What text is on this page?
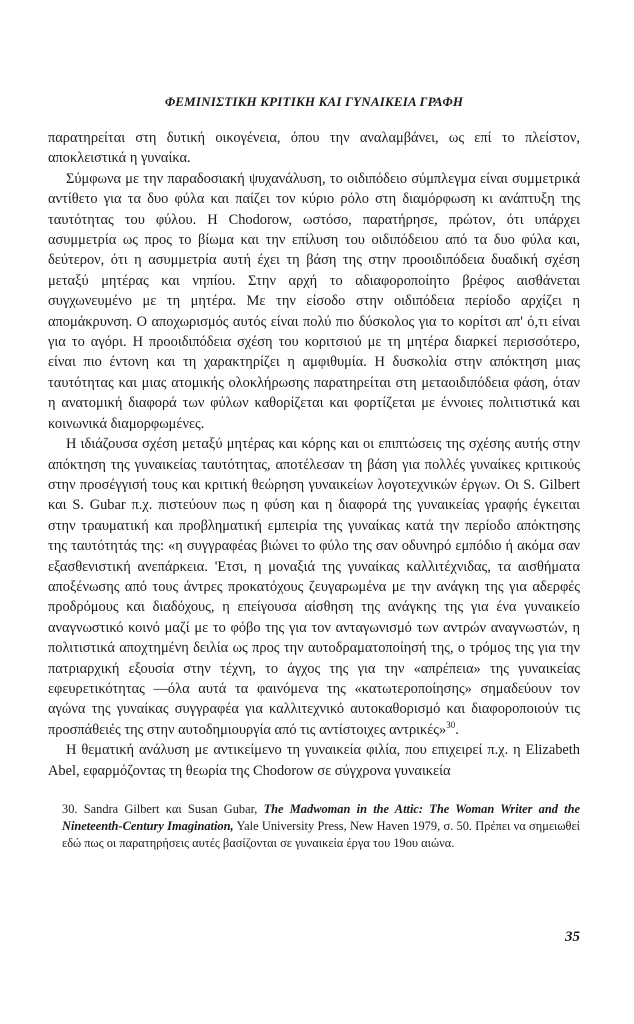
ΦΕΜΙΝΙΣΤΙΚΗ ΚΡΙΤΙΚΗ ΚΑΙ ΓΥΝΑΙΚΕΙΑ ΓΡΑΦΗ

παρατηρείται στη δυτική οικογένεια, όπου την αναλαμβάνει, ως επί το πλείστον, αποκλειστικά η γυναίκα.

Σύμφωνα με την παραδοσιακή ψυχανάλυση, το οιδιπόδειο σύμπλεγμα είναι συμμετρικά αντίθετο για τα δυο φύλα και παίζει τον κύριο ρόλο στη διαμόρφωση κι ανάπτυξη της ταυτότητας του φύλου. Η Chodorow, ωστόσο, παρατήρησε, πρώτον, ότι υπάρχει ασυμμετρία ως προς το βίωμα και την επίλυση του οιδιπόδειου από τα δυο φύλα και, δεύτερον, ότι η ασυμμετρία αυτή έχει τη βάση της στην προοιδιπόδεια δυαδική σχέση μεταξύ μητέρας και νηπίου. Στην αρχή το αδιαφοροποίητο βρέφος αισθάνεται συγχωνευμένο με τη μητέρα. Με την είσοδο στην οιδιπόδεια περίοδο αρχίζει η απομάκρυνση. Ο αποχωρισμός αυτός είναι πολύ πιο δύσκολος για το κορίτσι απ' ό,τι είναι για το αγόρι. Η προοιδιπόδεια σχέση του κοριτσιού με τη μητέρα διαρκεί περισσότερο, είναι πιο έντονη και τη χαρακτηρίζει η αμφιθυμία. Η δυσκολία στην απόκτηση μιας ταυτότητας και μιας ατομικής ολοκλήρωσης παρατηρείται στη μεταοιδιπόδεια φάση, όταν η ανατομική διαφορά των φύλων καθορίζεται και φορτίζεται με έννοιες πολιτιστικά και κοινωνικά διαμορφωμένες.

Η ιδιάζουσα σχέση μεταξύ μητέρας και κόρης και οι επιπτώσεις της σχέσης αυτής στην απόκτηση της γυναικείας ταυτότητας, αποτέλεσαν τη βάση για πολλές γυναίκες κριτικούς στην προσέγγισή τους και κριτική θεώρηση γυναικείων λογοτεχνικών έργων. Οι S. Gilbert και S. Gubar π.χ. πιστεύουν πως η φύση και η διαφορά της γυναικείας γραφής έγκειται στην τραυματική και προβληματική εμπειρία της γυναίκας κατά την περίοδο απόκτησης της ταυτότητάς της: «η συγγραφέας βιώνει το φύλο της σαν οδυνηρό εμπόδιο ή ακόμα σαν εξασθενιστική ανεπάρκεια. 'Ετσι, η μοναξιά της γυναίκας καλλιτέχνιδας, τα αισθήματα αποξένωσης από τους άντρες προκατόχους ζευγαρωμένα με την ανάγκη της για αδερφές προδρόμους και διαδόχους, η επείγουσα αίσθηση της ανάγκης της για ένα γυναικείο αναγνωστικό κοινό μαζί με το φόβο της για τον ανταγωνισμό των αντρών αναγνωστών, η πολιτιστικά αποχτημένη δειλία ως προς την αυτοδραματοποίησή της, ο τρόμος της για την πατριαρχική εξουσία στην τέχνη, το άγχος της για την «απρέπεια» της γυναικείας εφευρετικότητας —όλα αυτά τα φαινόμενα της «κατωτεροποίησης» σημαδεύουν τον αγώνα της γυναίκας συγγραφέα για καλλιτεχνικό αυτοκαθορισμό και διαφοροποιούν τις προσπάθειές της στην αυτοδημιουργία από τις αντίστοιχες αντρικές»$^{30}$.

Η θεματική ανάλυση με αντικείμενο τη γυναικεία φιλία, που επιχειρεί π.χ. η Elizabeth Abel, εφαρμόζοντας τη θεωρία της Chodorow σε σύγχρονα γυναικεία

30. Sandra Gilbert και Susan Gubar, The Madwoman in the Attic: The Woman Writer and the Nineteenth-Century Imagination, Yale University Press, New Haven 1979, σ. 50. Πρέπει να σημειωθεί εδώ πως οι παρατηρήσεις αυτές βασίζονται σε γυναικεία έργα του 19ου αιώνα.
35
